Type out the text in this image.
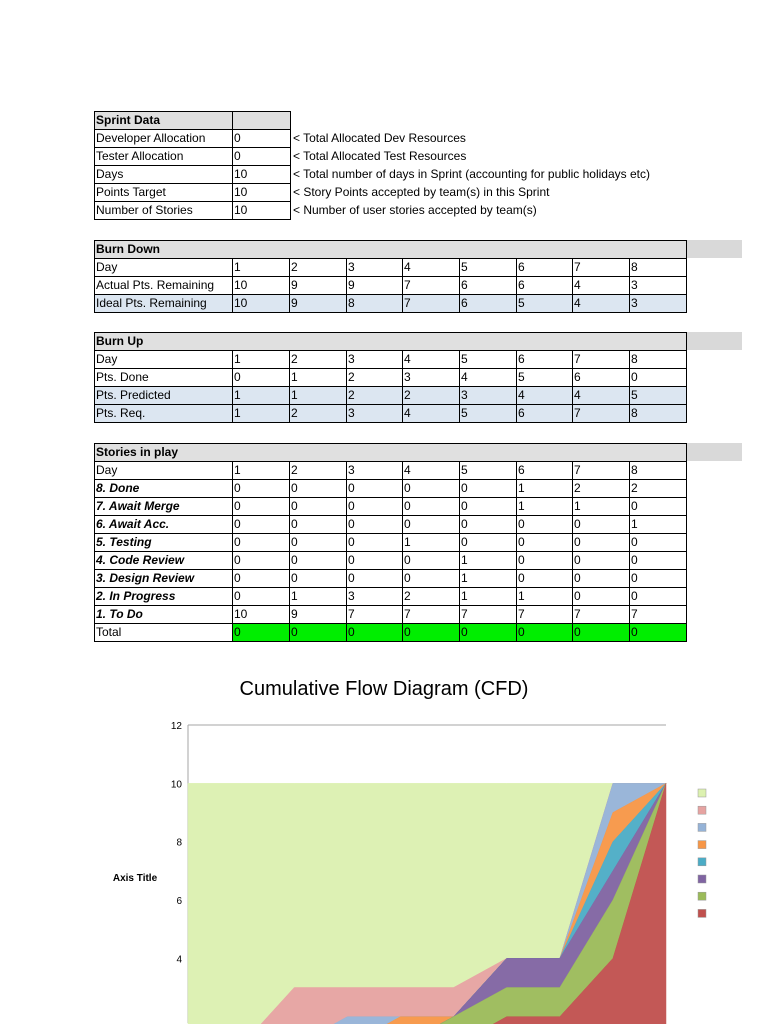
Sprint Data		
Developer Allocation	0	< Total Allocated Dev Resources
Tester Allocation	0	< Total Allocated Test Resources
Days	10	< Total number of days in Sprint (accounting for public holidays etc)
Points Target	10	< Story Points accepted by team(s) in this Sprint
Number of Stories	10	< Number of user stories accepted by team(s)
Burn Down								
Day	1	2	3	4	5	6	7	8
Actual Pts. Remaining	10	9	9	7	6	6	4	3
Ideal Pts. Remaining	10	9	8	7	6	5	4	3
Burn Up								
Day	1	2	3	4	5	6	7	8
Pts. Done	0	1	2	3	4	5	6	0
Pts. Predicted	1	1	2	2	3	4	4	5
Pts. Req.	1	2	3	4	5	6	7	8
Stories in play								
Day	1	2	3	4	5	6	7	8
8. Done	0	0	0	0	0	1	2	2
7. Await Merge	0	0	0	0	0	1	1	0
6. Await Acc.	0	0	0	0	0	0	0	1
5. Testing	0	0	0	1	0	0	0	0
4. Code Review	0	0	0	0	1	0	0	0
3. Design Review	0	0	0	0	1	0	0	0
2. In Progress	0	1	3	2	1	1	0	0
1. To Do	10	9	7	7	7	7	7	7
Total	0	0	0	0	0	0	0	0
Cumulative Flow Diagram (CFD)
12
10
8
6
4
Axis Title
